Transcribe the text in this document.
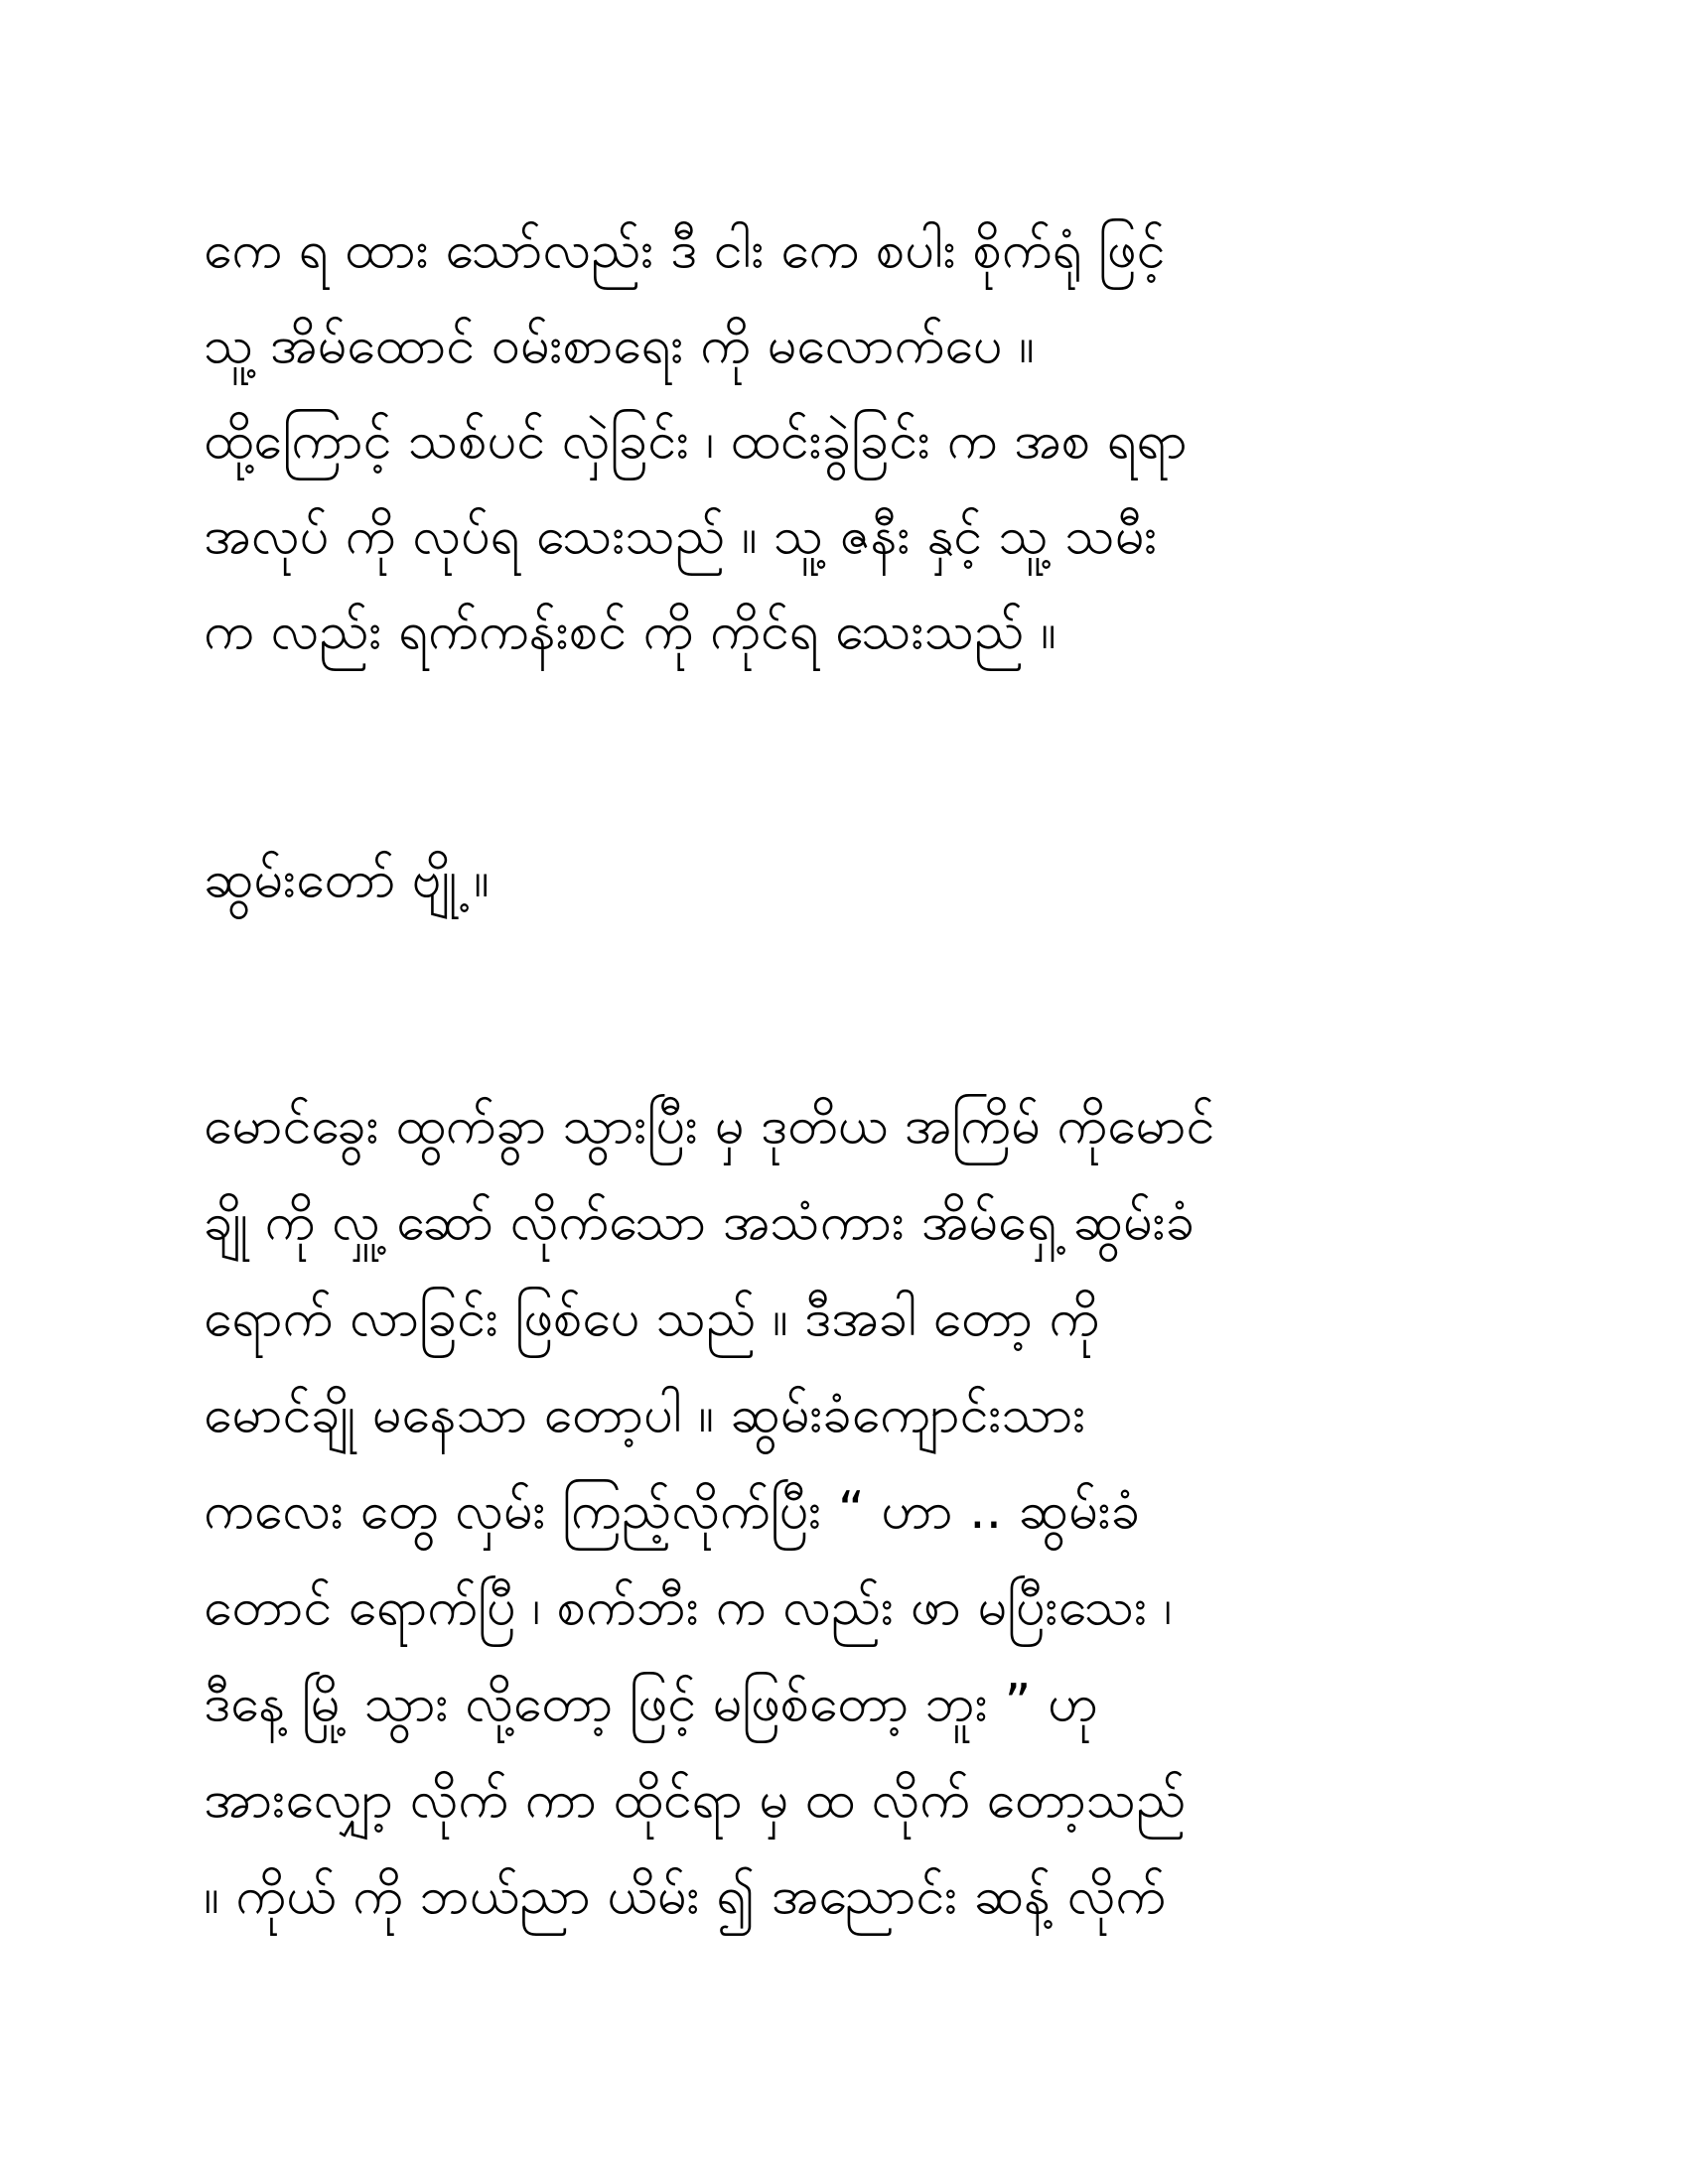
ကေ ရ ထား သော်လည်း ဒီ ငါး ကေ စပါး စိုက်ရုံ ဖြင့်

သူ့ အိမ်ထောင် ဝမ်းစာရေး ကို မလောက်ပေ ။

ထို့ကြောင့် သစ်ပင် လှဲခြင်း ၊ ထင်းခွဲခြင်း က အစ ရရာ

အလုပ် ကို လုပ်ရ သေးသည် ။ သူ့ ဇနီး နှင့် သူ့ သမီး

က လည်း ရက်ကန်းစင် ကို ကိုင်ရ သေးသည် ။

ဆွမ်းတော် ဗျို့ ။

မောင်ခွေး ထွက်ခွာ သွားပြီး မှ ဒုတိယ အကြိမ် ကိုမောင်

ချို ကို လှူ့ ဆော် လိုက်သော အသံကား အိမ်ရှေ့ ဆွမ်းခံ

ရောက် လာခြင်း ဖြစ်ပေ သည် ။ ဒီအခါ တော့ ကို

မောင်ချို မနေသာ တော့ပါ ။ ဆွမ်းခံကျောင်းသား

ကလေး တွေ လှမ်း ကြည့်လိုက်ပြီး “ ဟာ .. ဆွမ်းခံ

တောင် ရောက်ပြီ ၊ စက်ဘီး က လည်း ဖာ မပြီးသေး ၊

ဒီနေ့ မြို့ သွား လို့တော့ ဖြင့် မဖြစ်တော့ ဘူး ” ဟု

အားလျှော့ လိုက် ကာ ထိုင်ရာ မှ ထ လိုက် တော့သည်

။ ကိုယ် ကို ဘယ်ညာ ယိမ်း ၍ အညောင်း ဆန့် လိုက်
